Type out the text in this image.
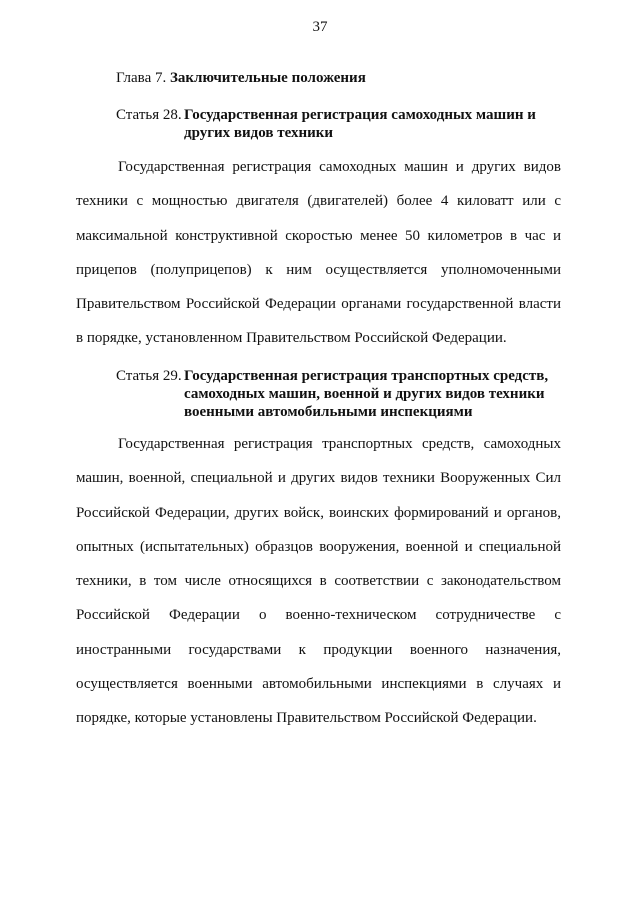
37
Глава 7. Заключительные положения
Статья 28. Государственная регистрация самоходных машин и других видов техники

Государственная регистрация самоходных машин и других видов техники с мощностью двигателя (двигателей) более 4 киловатт или с максимальной конструктивной скоростью менее 50 километров в час и прицепов (полуприцепов) к ним осуществляется уполномоченными Правительством Российской Федерации органами государственной власти в порядке, установленном Правительством Российской Федерации.

Статья 29. Государственная регистрация транспортных средств, самоходных машин, военной и других видов техники военными автомобильными инспекциями

Государственная регистрация транспортных средств, самоходных машин, военной, специальной и других видов техники Вооруженных Сил Российской Федерации, других войск, воинских формирований и органов, опытных (испытательных) образцов вооружения, военной и специальной техники, в том числе относящихся в соответствии с законодательством Российской Федерации о военно-техническом сотрудничестве с иностранными государствами к продукции военного назначения, осуществляется военными автомобильными инспекциями в случаях и порядке, которые установлены Правительством Российской Федерации.
